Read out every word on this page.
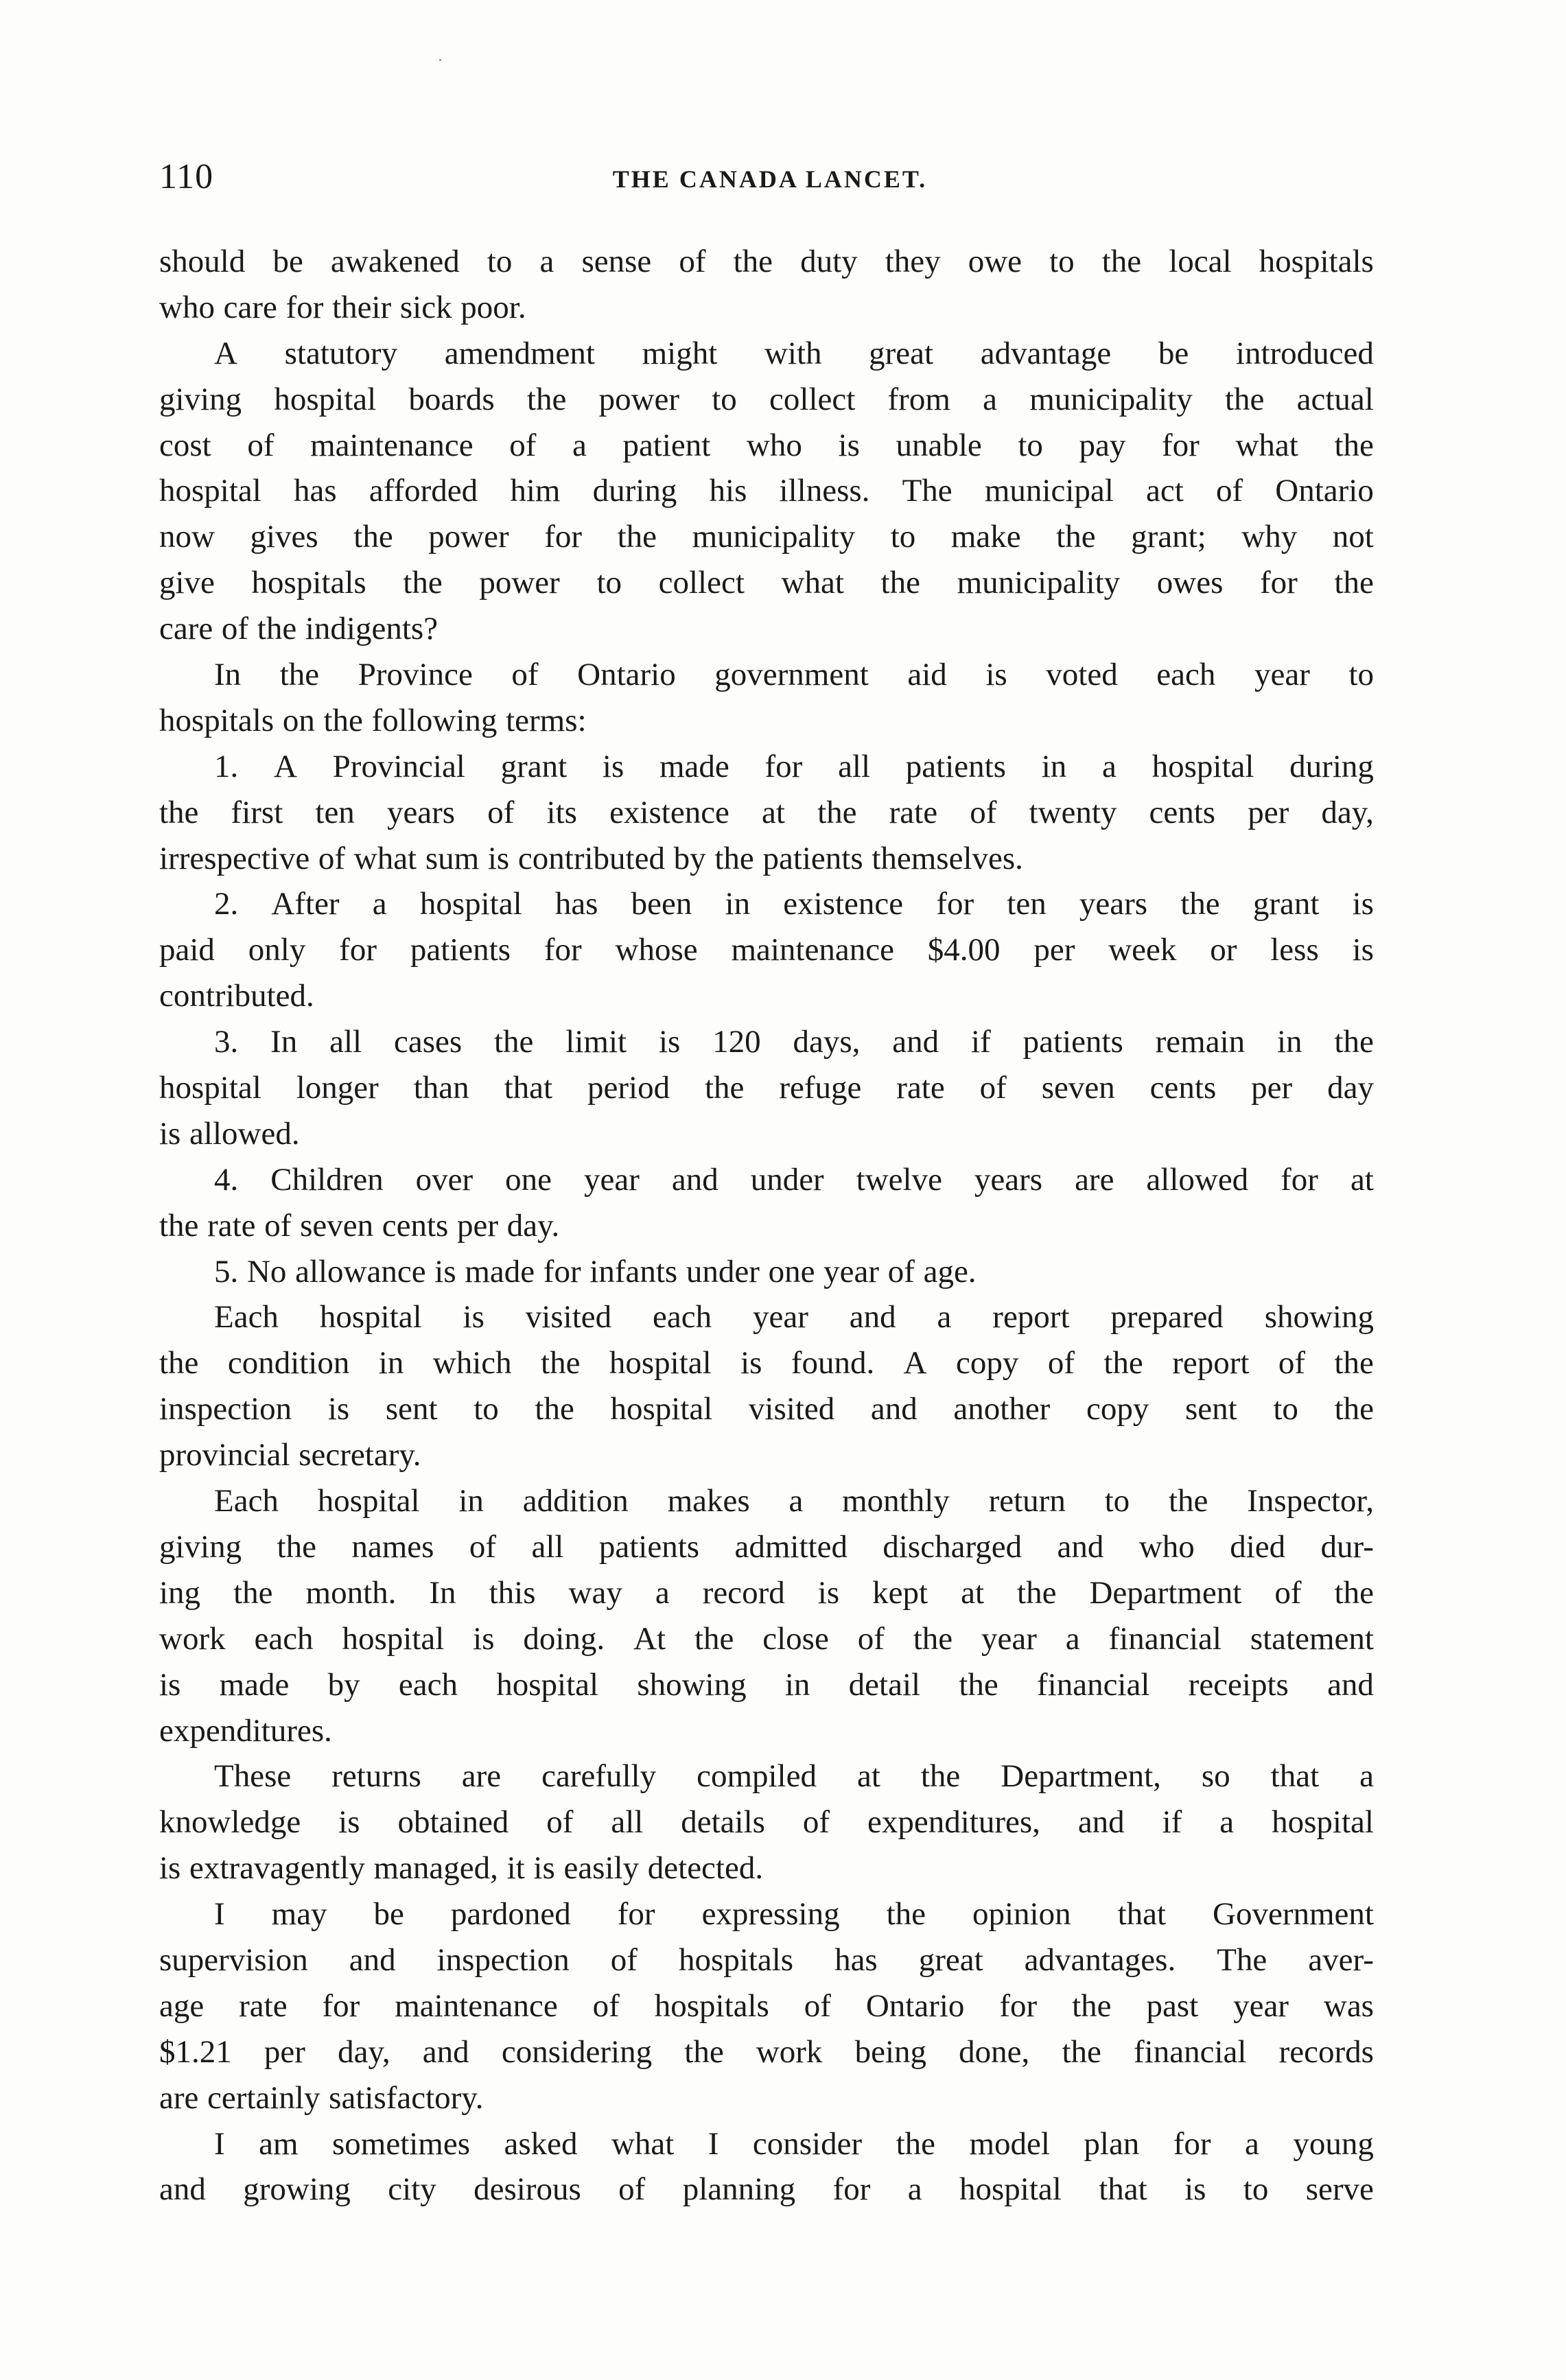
110	THE CANADA LANCET.
should be awakened to a sense of the duty they owe to the local hospitals
who care for their sick poor.
A statutory amendment might with great advantage be introduced
giving hospital boards the power to collect from a municipality the actual
cost of maintenance of a patient who is unable to pay for what the
hospital has afforded him during his illness. The municipal act of Ontario
now gives the power for the municipality to make the grant; why not
give hospitals the power to collect what the municipality owes for the
care of the indigents?
In the Province of Ontario government aid is voted each year to
hospitals on the following terms:
1. A Provincial grant is made for all patients in a hospital during
the first ten years of its existence at the rate of twenty cents per day,
irrespective of what sum is contributed by the patients themselves.
2. After a hospital has been in existence for ten years the grant is
paid only for patients for whose maintenance $4.00 per week or less is
contributed.
3. In all cases the limit is 120 days, and if patients remain in the
hospital longer than that period the refuge rate of seven cents per day
is allowed.
4. Children over one year and under twelve years are allowed for at
the rate of seven cents per day.
5. No allowance is made for infants under one year of age.
Each hospital is visited each year and a report prepared showing
the condition in which the hospital is found. A copy of the report of the
inspection is sent to the hospital visited and another copy sent to the
provincial secretary.
Each hospital in addition makes a monthly return to the Inspector,
giving the names of all patients admitted discharged and who died dur-
ing the month. In this way a record is kept at the Department of the
work each hospital is doing. At the close of the year a financial statement
is made by each hospital showing in detail the financial receipts and
expenditures.
These returns are carefully compiled at the Department, so that a
knowledge is obtained of all details of expenditures, and if a hospital
is extravagently managed, it is easily detected.
I may be pardoned for expressing the opinion that Government
supervision and inspection of hospitals has great advantages. The aver-
age rate for maintenance of hospitals of Ontario for the past year was
$1.21 per day, and considering the work being done, the financial records
are certainly satisfactory.
I am sometimes asked what I consider the model plan for a young
and growing city desirous of planning for a hospital that is to serve
